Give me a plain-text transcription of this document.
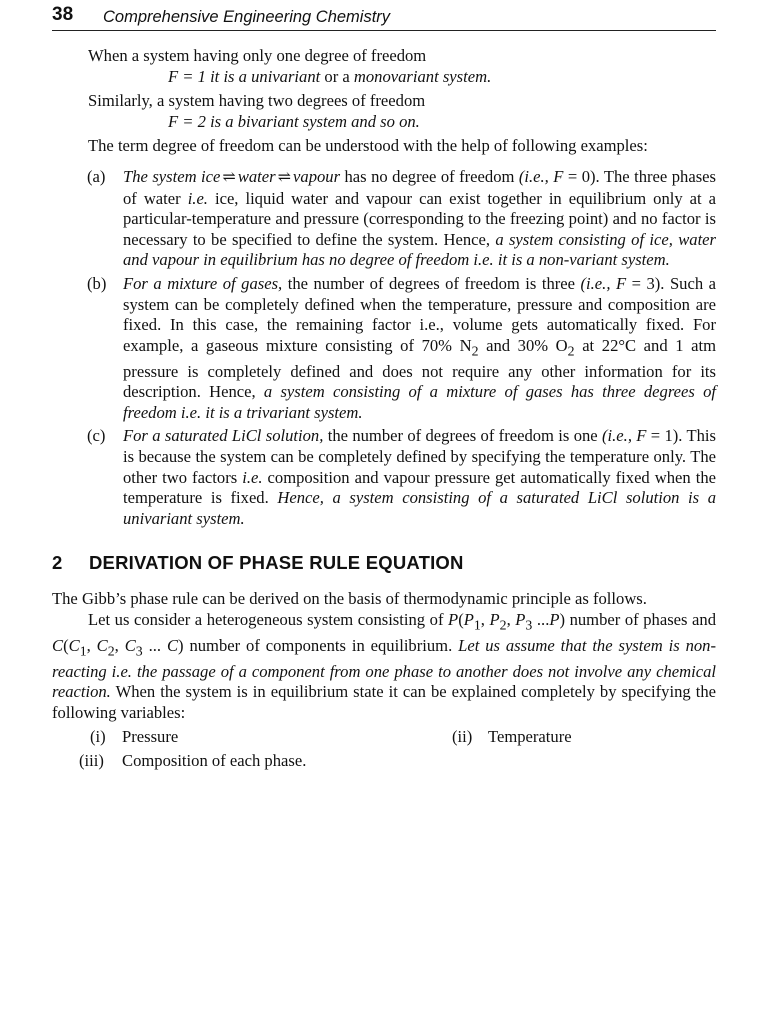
38 Comprehensive Engineering Chemistry

When a system having only one degree of freedom

F = 1 it is a univariant or a monovariant system.

Similarly, a system having two degrees of freedom

F = 2 is a bivariant system and so on.

The term degree of freedom can be understood with the help of following examples:

(a) The system ice ⇌ water ⇌ vapour has no degree of freedom (i.e., F = 0). The three phases of water i.e. ice, liquid water and vapour can exist together in equilibrium only at a particular-temperature and pressure (corresponding to the freezing point) and no factor is necessary to be specified to define the system. Hence, a system consisting of ice, water and vapour in equilibrium has no degree of freedom i.e. it is a non-variant system.
(b) For a mixture of gases, the number of degrees of freedom is three (i.e., F = 3). Such a system can be completely defined when the temperature, pressure and composition are fixed. In this case, the remaining factor i.e., volume gets automatically fixed. For example, a gaseous mixture consisting of 70% $N_2$ and 30% $O_2$ at 22°C and 1 atm pressure is completely defined and does not require any other information for its description. Hence, a system consisting of a mixture of gases has three degrees of freedom i.e. it is a trivariant system.
(c) For a saturated LiCl solution, the number of degrees of freedom is one (i.e., F = 1). This is because the system can be completely defined by specifying the temperature only. The other two factors i.e. composition and vapour pressure get automatically fixed when the temperature is fixed. Hence, a system consisting of a saturated LiCl solution is a univariant system.
2 DERIVATION OF PHASE RULE EQUATION

The Gibb’s phase rule can be derived on the basis of thermodynamic principle as follows.

Let us consider a heterogeneous system consisting of $P(P_1$, $P_2$, $P_3$ ...P) number of phases and $C(C_1$, $C_2$, $C_3$ ... C) number of components in equilibrium. Let us assume that the system is non-reacting i.e. the passage of a component from one phase to another does not involve any chemical reaction. When the system is in equilibrium state it can be explained completely by specifying the following variables:

(i) Pressure	(ii) Temperature
(iii) Composition of each phase.
